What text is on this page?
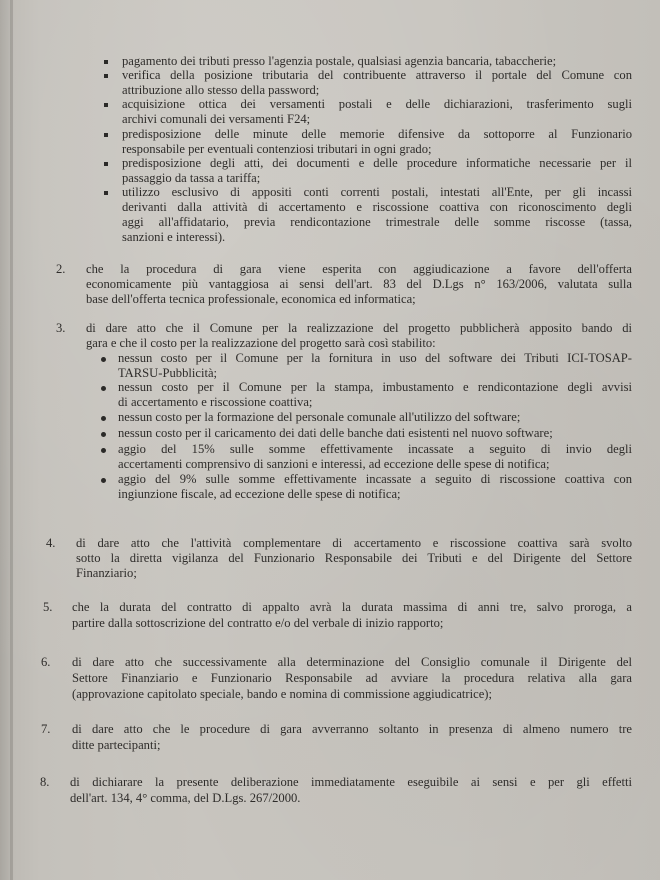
pagamento dei tributi presso l'agenzia postale, qualsiasi agenzia bancaria, tabaccherie;
verifica della posizione tributaria del contribuente attraverso il portale del Comune con
attribuzione allo stesso della password;
acquisizione ottica dei versamenti postali e delle dichiarazioni, trasferimento sugli
archivi comunali dei versamenti F24;
predisposizione delle minute delle memorie difensive da sottoporre al Funzionario
responsabile per eventuali contenziosi tributari in ogni grado;
predisposizione degli atti, dei documenti e delle procedure informatiche necessarie per il
passaggio da tassa a tariffa;
utilizzo esclusivo di appositi conti correnti postali, intestati all'Ente, per gli incassi
derivanti dalla attività di accertamento e riscossione coattiva con riconoscimento degli
aggi all'affidatario, previa rendicontazione trimestrale delle somme riscosse (tassa,
sanzioni e interessi).
2. che la procedura di gara viene esperita con aggiudicazione a favore dell'offerta
economicamente più vantaggiosa ai sensi dell'art. 83 del D.Lgs n° 163/2006, valutata sulla
base dell'offerta tecnica professionale, economica ed informatica;
3. di dare atto che il Comune per la realizzazione del progetto pubblicherà apposito bando di
gara e che il costo per la realizzazione del progetto sarà così stabilito:
nessun costo per il Comune per la fornitura in uso del software dei Tributi ICI-TOSAP-
TARSU-Pubblicità;
nessun costo per il Comune per la stampa, imbustamento e rendicontazione degli avvisi
di accertamento e riscossione coattiva;
nessun costo per la formazione del personale comunale all'utilizzo del software;
nessun costo per il caricamento dei dati delle banche dati esistenti nel nuovo software;
aggio del 15% sulle somme effettivamente incassate a seguito di invio degli
accertamenti comprensivo di sanzioni e interessi, ad eccezione delle spese di notifica;
aggio del 9% sulle somme effettivamente incassate a seguito di riscossione coattiva con
ingiunzione fiscale, ad eccezione delle spese di notifica;
4. di dare atto che l'attività complementare di accertamento e riscossione coattiva sarà svolto
sotto la diretta vigilanza del Funzionario Responsabile dei Tributi e del Dirigente del Settore
Finanziario;
5. che la durata del contratto di appalto avrà la durata massima di anni tre, salvo proroga, a
partire dalla sottoscrizione del contratto e/o del verbale di inizio rapporto;
6. di dare atto che successivamente alla determinazione del Consiglio comunale il Dirigente del
Settore Finanziario e Funzionario Responsabile ad avviare la procedura relativa alla gara
(approvazione capitolato speciale, bando e nomina di commissione aggiudicatrice);
7. di dare atto che le procedure di gara avverranno soltanto in presenza di almeno numero tre
ditte partecipanti;
8. di dichiarare la presente deliberazione immediatamente eseguibile ai sensi e per gli effetti
dell'art. 134, 4° comma, del D.Lgs. 267/2000.
